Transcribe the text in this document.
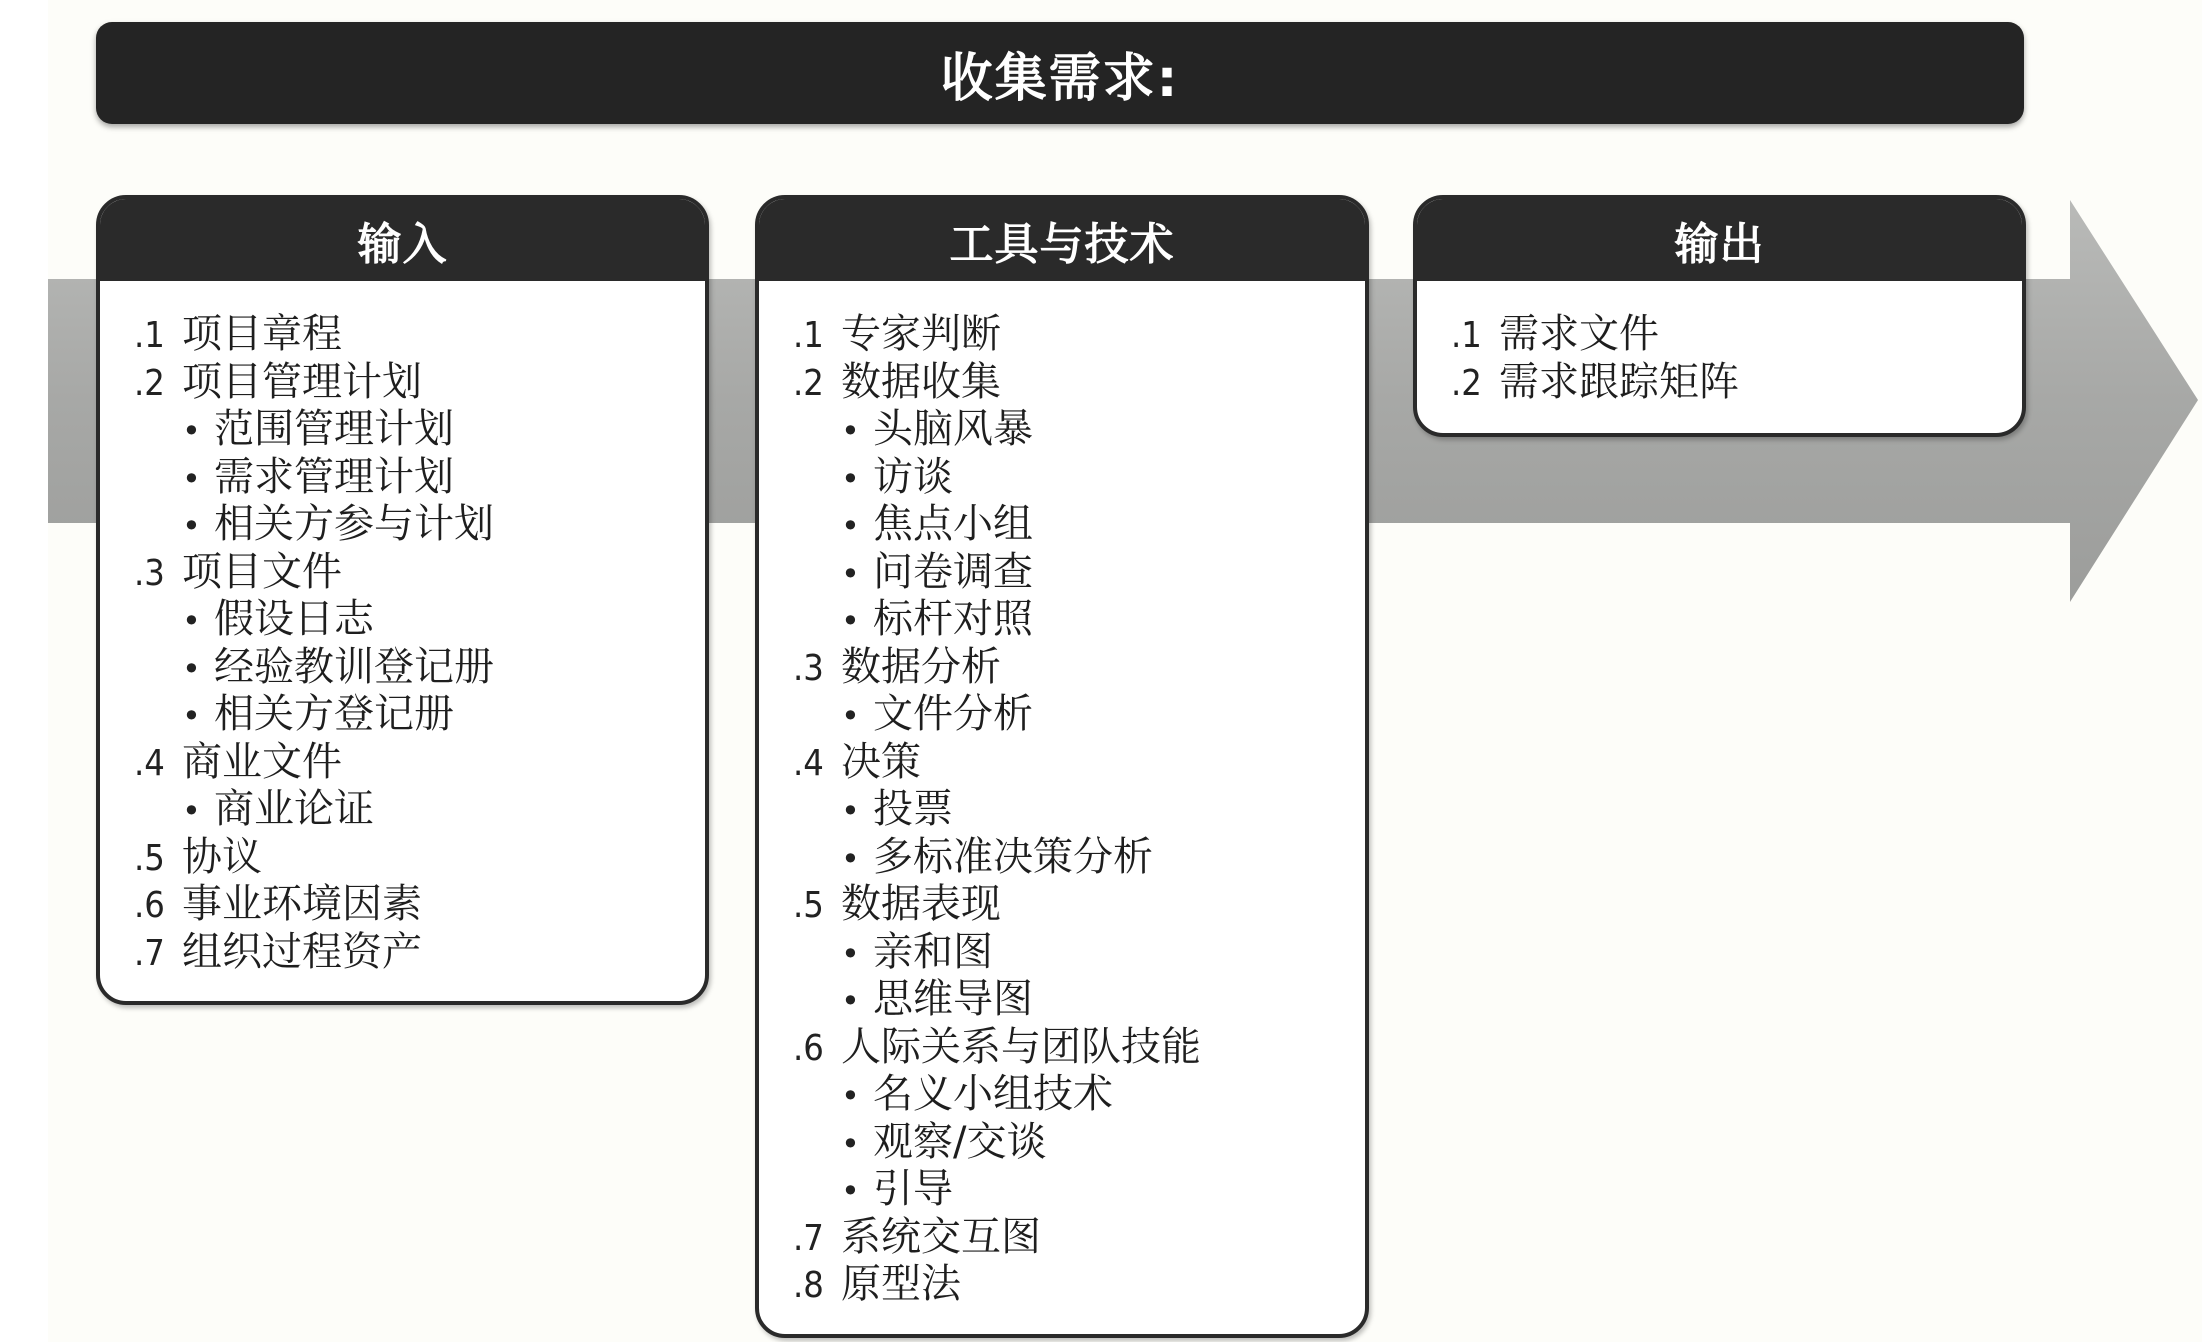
收集需求:
输入
.1 项目章程
.2 项目管理计划
• 范围管理计划
• 需求管理计划
• 相关方参与计划
.3 项目文件
• 假设日志
• 经验教训登记册
• 相关方登记册
.4 商业文件
• 商业论证
.5 协议
.6 事业环境因素
.7 组织过程资产
工具与技术
.1 专家判断
.2 数据收集
• 头脑风暴
• 访谈
• 焦点小组
• 问卷调查
• 标杆对照
.3 数据分析
• 文件分析
.4 决策
• 投票
• 多标准决策分析
.5 数据表现
• 亲和图
• 思维导图
.6 人际关系与团队技能
• 名义小组技术
• 观察/交谈
• 引导
.7 系统交互图
.8 原型法
输出
.1 需求文件
.2 需求跟踪矩阵
